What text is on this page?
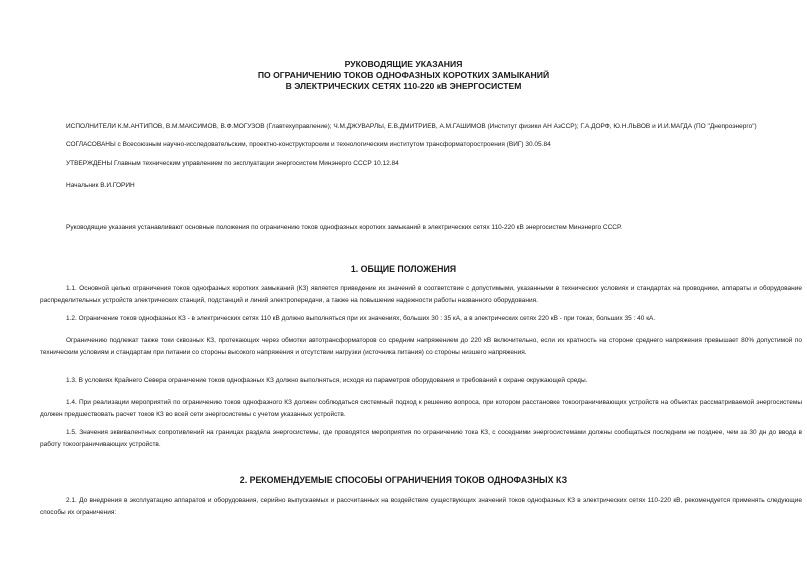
РУКОВОДЯЩИЕ УКАЗАНИЯ
ПО ОГРАНИЧЕНИЮ ТОКОВ ОДНОФАЗНЫХ КОРОТКИХ ЗАМЫКАНИЙ
В ЭЛЕКТРИЧЕСКИХ СЕТЯХ 110-220 кВ ЭНЕРГОСИСТЕМ
ИСПОЛНИТЕЛИ К.М.АНТИПОВ, В.М.МАКСИМОВ, В.Ф.МОГУЗОВ (Главтехуправление); Ч.М.ДЖУВАРЛЫ, Е.В.ДМИТРИЕВ, А.М.ГАШИМОВ (Институт физики АН АзССР); Г.А.ДОРФ, Ю.Н.ЛЬВОВ и И.И.МАГДА (ПО "Днепроэнерго")
СОГЛАСОВАНЫ с Всесоюзным научно-исследовательским, проектно-конструкторским и технологическим институтом трансформаторостроения (ВИГ) 30.05.84
УТВЕРЖДЕНЫ Главным техническим управлением по эксплуатации энергосистем Минэнерго СССР 10.12.84
Начальник В.И.ГОРИН
Руководящие указания устанавливают основные положения по ограничению токов однофазных коротких замыканий в электрических сетях 110-220 кВ энергосистем Минэнерго СССР.
1. ОБЩИЕ ПОЛОЖЕНИЯ
1.1. Основной целью ограничения токов однофазных коротких замыканий (КЗ) является приведение их значений в соответствие с допустимыми, указанными в технических условиях и стандартах на проводники, аппараты и оборудование распределительных устройств электрических станций, подстанций и линий электропередачи, а также на повышение надежности работы названного оборудования.
1.2. Ограничение токов однофазных КЗ - в электрических сетях 110 кВ должно выполняться при их значениях, больших 30 : 35 кА, а в электрических сетях 220 кВ - при токах, больших 35 : 40 кА.
Ограничению подлежат также токи сквозных КЗ, протекающих через обмотки автотрансформаторов со средним напряжением до 220 кВ включительно, если их кратность на стороне среднего напряжения превышает 80% допустимой по техническим условиям и стандартам при питании со стороны высокого напряжения и отсутствии нагрузки (источника питания) со стороны низшего напряжения.
1.3. В условиях Крайнего Севера ограничение токов однофазных КЗ должно выполняться, исходя из параметров оборудования и требований к охране окружающей среды.
1.4. При реализации мероприятий по ограничению токов однофазного КЗ должен соблюдаться системный подход к решению вопроса, при котором расстановке токоограничивающих устройств на объектах рассматриваемой энергосистемы должен предшествовать расчет токов КЗ во всей сети энергосистемы с учетом указанных устройств.
1.5. Значения эквивалентных сопротивлений на границах раздела энергосистемы, где проводятся мероприятия по ограничению тока КЗ, с соседними энергосистемами должны сообщаться последним не позднее, чем за 30 дн до ввода в работу токоограничивающих устройств.
2. РЕКОМЕНДУЕМЫЕ СПОСОБЫ ОГРАНИЧЕНИЯ ТОКОВ ОДНОФАЗНЫХ КЗ
2.1. До внедрения в эксплуатацию аппаратов и оборудования, серийно выпускаемых и рассчитанных на воздействие существующих значений токов однофазных КЗ в электрических сетях 110-220 кВ, рекомендуется применять следующие способы их ограничения:
